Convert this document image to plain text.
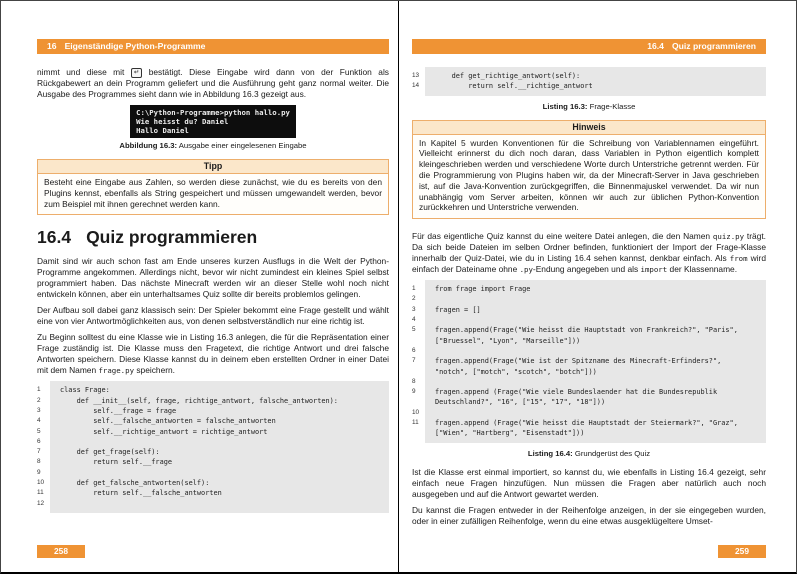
16 Eigenständige Python-Programme

nimmt und diese mit ↵ bestätigt. Diese Eingabe wird dann von der Funktion als Rückgabewert an dein Programm geliefert und die Ausführung geht ganz normal weiter. Die Ausgabe des Programmes sieht dann wie in Abbildung 16.3 gezeigt aus.

C:\Python-Programme>python hallo.py
Wie heisst du? Daniel
Hallo Daniel

Abbildung 16.3: Ausgabe einer eingelesenen Eingabe

Tipp
Besteht eine Eingabe aus Zahlen, so werden diese zunächst, wie du es bereits von den Plugins kennst, ebenfalls als String gespeichert und müssen umgewandelt werden, bevor zum Beispiel mit ihnen gerechnet werden kann.
16.4 Quiz programmieren

Damit sind wir auch schon fast am Ende unseres kurzen Ausflugs in die Welt der Python-Programme angekommen. Allerdings nicht, bevor wir nicht zumindest ein kleines Spiel selbst programmiert haben. Das nächste Minecraft werden wir an dieser Stelle wohl noch nicht entwickeln können, aber ein unterhaltsames Quiz sollte dir bereits problemlos gelingen.

Der Aufbau soll dabei ganz klassisch sein: Der Spieler bekommt eine Frage gestellt und wählt eine von vier Antwortmöglichkeiten aus, von denen selbstverständlich nur eine richtig ist.

Zu Beginn solltest du eine Klasse wie in Listing 16.3 anlegen, die für die Repräsentation einer Frage zuständig ist. Die Klasse muss den Fragetext, die richtige Antwort und drei falsche Antworten speichern. Diese Klasse kannst du in deinem eben erstellten Ordner in einer Datei mit dem Namen frage.py speichern.

1
2
3
4
5
6
7
8
9
10
11
12
class Frage:
def __init__(self, frage, richtige_antwort, falsche_antworten):
self.__frage = frage
self.__falsche_antworten = falsche_antworten
self.__richtige_antwort = richtige_antwort
def get_frage(self):
return self.__frage
def get_falsche_antworten(self):
return self.__falsche_antworten
258
16.4 Quiz programmieren
13
14
def get_richtige_antwort(self):
return self.__richtige_antwort

Listing 16.3: Frage-Klasse

Hinweis
In Kapitel 5 wurden Konventionen für die Schreibung von Variablennamen eingeführt. Vielleicht erinnerst du dich noch daran, dass Variablen in Python eigentlich komplett kleingeschrieben werden und verschiedene Worte durch Unterstriche getrennt werden. Für die Programmierung von Plugins haben wir, da der Minecraft-Server in Java geschrieben ist, auf die Java-Konvention zurückgegriffen, die Binnenmajuskel verwendet. Da wir nun unabhängig vom Server arbeiten, können wir auch zur üblichen Python-Konvention zurückkehren und Unterstriche verwenden.

Für das eigentliche Quiz kannst du eine weitere Datei anlegen, die den Namen quiz.py trägt. Da sich beide Dateien im selben Ordner befinden, funktioniert der Import der Frage-Klasse innerhalb der Quiz-Datei, wie du in Listing 16.4 sehen kannst, denkbar einfach. Als from wird einfach der Dateiname ohne .py-Endung angegeben und als import der Klassenname.

1
2
3
4
5
6
7
8
9
10
11
from frage import Frage
fragen = []
fragen.append(Frage("Wie heisst die Hauptstadt von Frankreich?", "Paris",
["Bruessel", "Lyon", "Marseille"]))
fragen.append(Frage("Wie ist der Spitzname des Minecraft-Erfinders?",
"notch", ["motch", "scotch", "botch"]))
fragen.append (Frage("Wie viele Bundeslaender hat die Bundesrepublik
Deutschland?", "16", ["15", "17", "18"]))
fragen.append (Frage("Wie heisst die Hauptstadt der Steiermark?", "Graz",
["Wien", "Hartberg", "Eisenstadt"]))

Listing 16.4: Grundgerüst des Quiz

Ist die Klasse erst einmal importiert, so kannst du, wie ebenfalls in Listing 16.4 gezeigt, sehr einfach neue Fragen hinzufügen. Nun müssen die Fragen aber natürlich auch noch ausgegeben und auf die Antwort gewartet werden.

Du kannst die Fragen entweder in der Reihenfolge anzeigen, in der sie eingegeben wurden, oder in einer zufälligen Reihenfolge, wenn du eine etwas ausgeklügeltere Umset-

259
